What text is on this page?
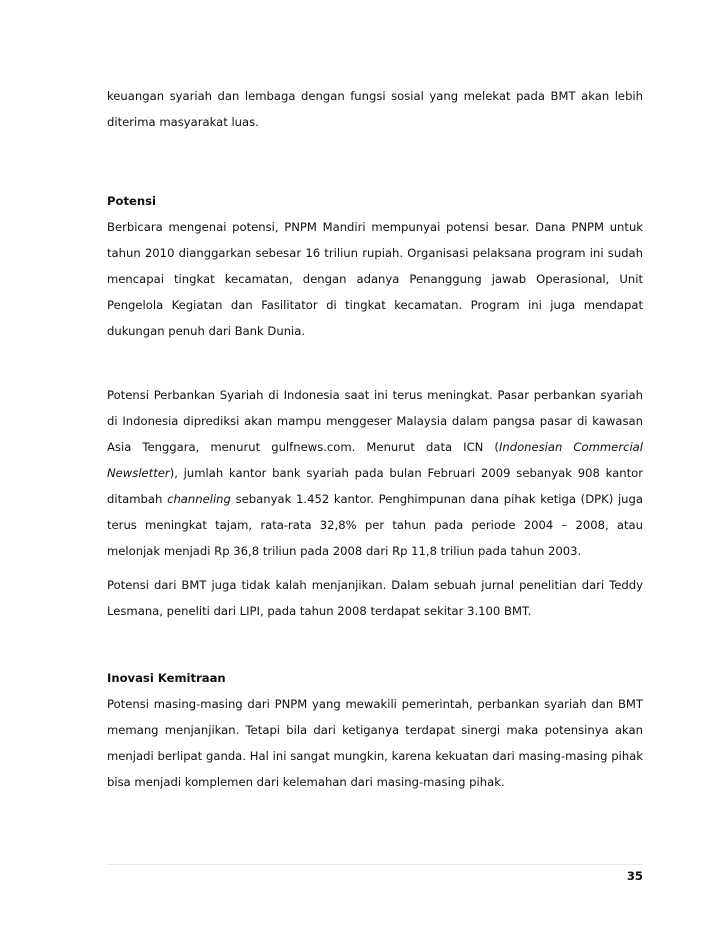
keuangan syariah dan lembaga dengan fungsi sosial yang melekat pada BMT akan lebih diterima masyarakat luas.

Potensi

Berbicara mengenai potensi, PNPM Mandiri mempunyai potensi besar. Dana PNPM untuk tahun 2010 dianggarkan sebesar 16 triliun rupiah. Organisasi pelaksana program ini sudah mencapai tingkat kecamatan, dengan adanya Penanggung jawab Operasional, Unit Pengelola Kegiatan dan Fasilitator di tingkat kecamatan. Program ini juga mendapat dukungan penuh dari Bank Dunia.

Potensi Perbankan Syariah di Indonesia saat ini terus meningkat. Pasar perbankan syariah di Indonesia diprediksi akan mampu menggeser Malaysia dalam pangsa pasar di kawasan Asia Tenggara, menurut gulfnews.com. Menurut data ICN (Indonesian Commercial Newsletter), jumlah kantor bank syariah pada bulan Februari 2009 sebanyak 908 kantor ditambah channeling sebanyak 1.452 kantor. Penghimpunan dana pihak ketiga (DPK) juga terus meningkat tajam, rata-rata 32,8% per tahun pada periode 2004 – 2008, atau melonjak menjadi Rp 36,8 triliun pada 2008 dari Rp 11,8 triliun pada tahun 2003.

Potensi dari BMT juga tidak kalah menjanjikan. Dalam sebuah jurnal penelitian dari Teddy Lesmana, peneliti dari LIPI, pada tahun 2008 terdapat sekitar 3.100 BMT.

Inovasi Kemitraan

Potensi masing-masing dari PNPM yang mewakili pemerintah, perbankan syariah dan BMT memang menjanjikan. Tetapi bila dari ketiganya terdapat sinergi maka potensinya akan menjadi berlipat ganda. Hal ini sangat mungkin, karena kekuatan dari masing-masing pihak bisa menjadi komplemen dari kelemahan dari masing-masing pihak.

35
